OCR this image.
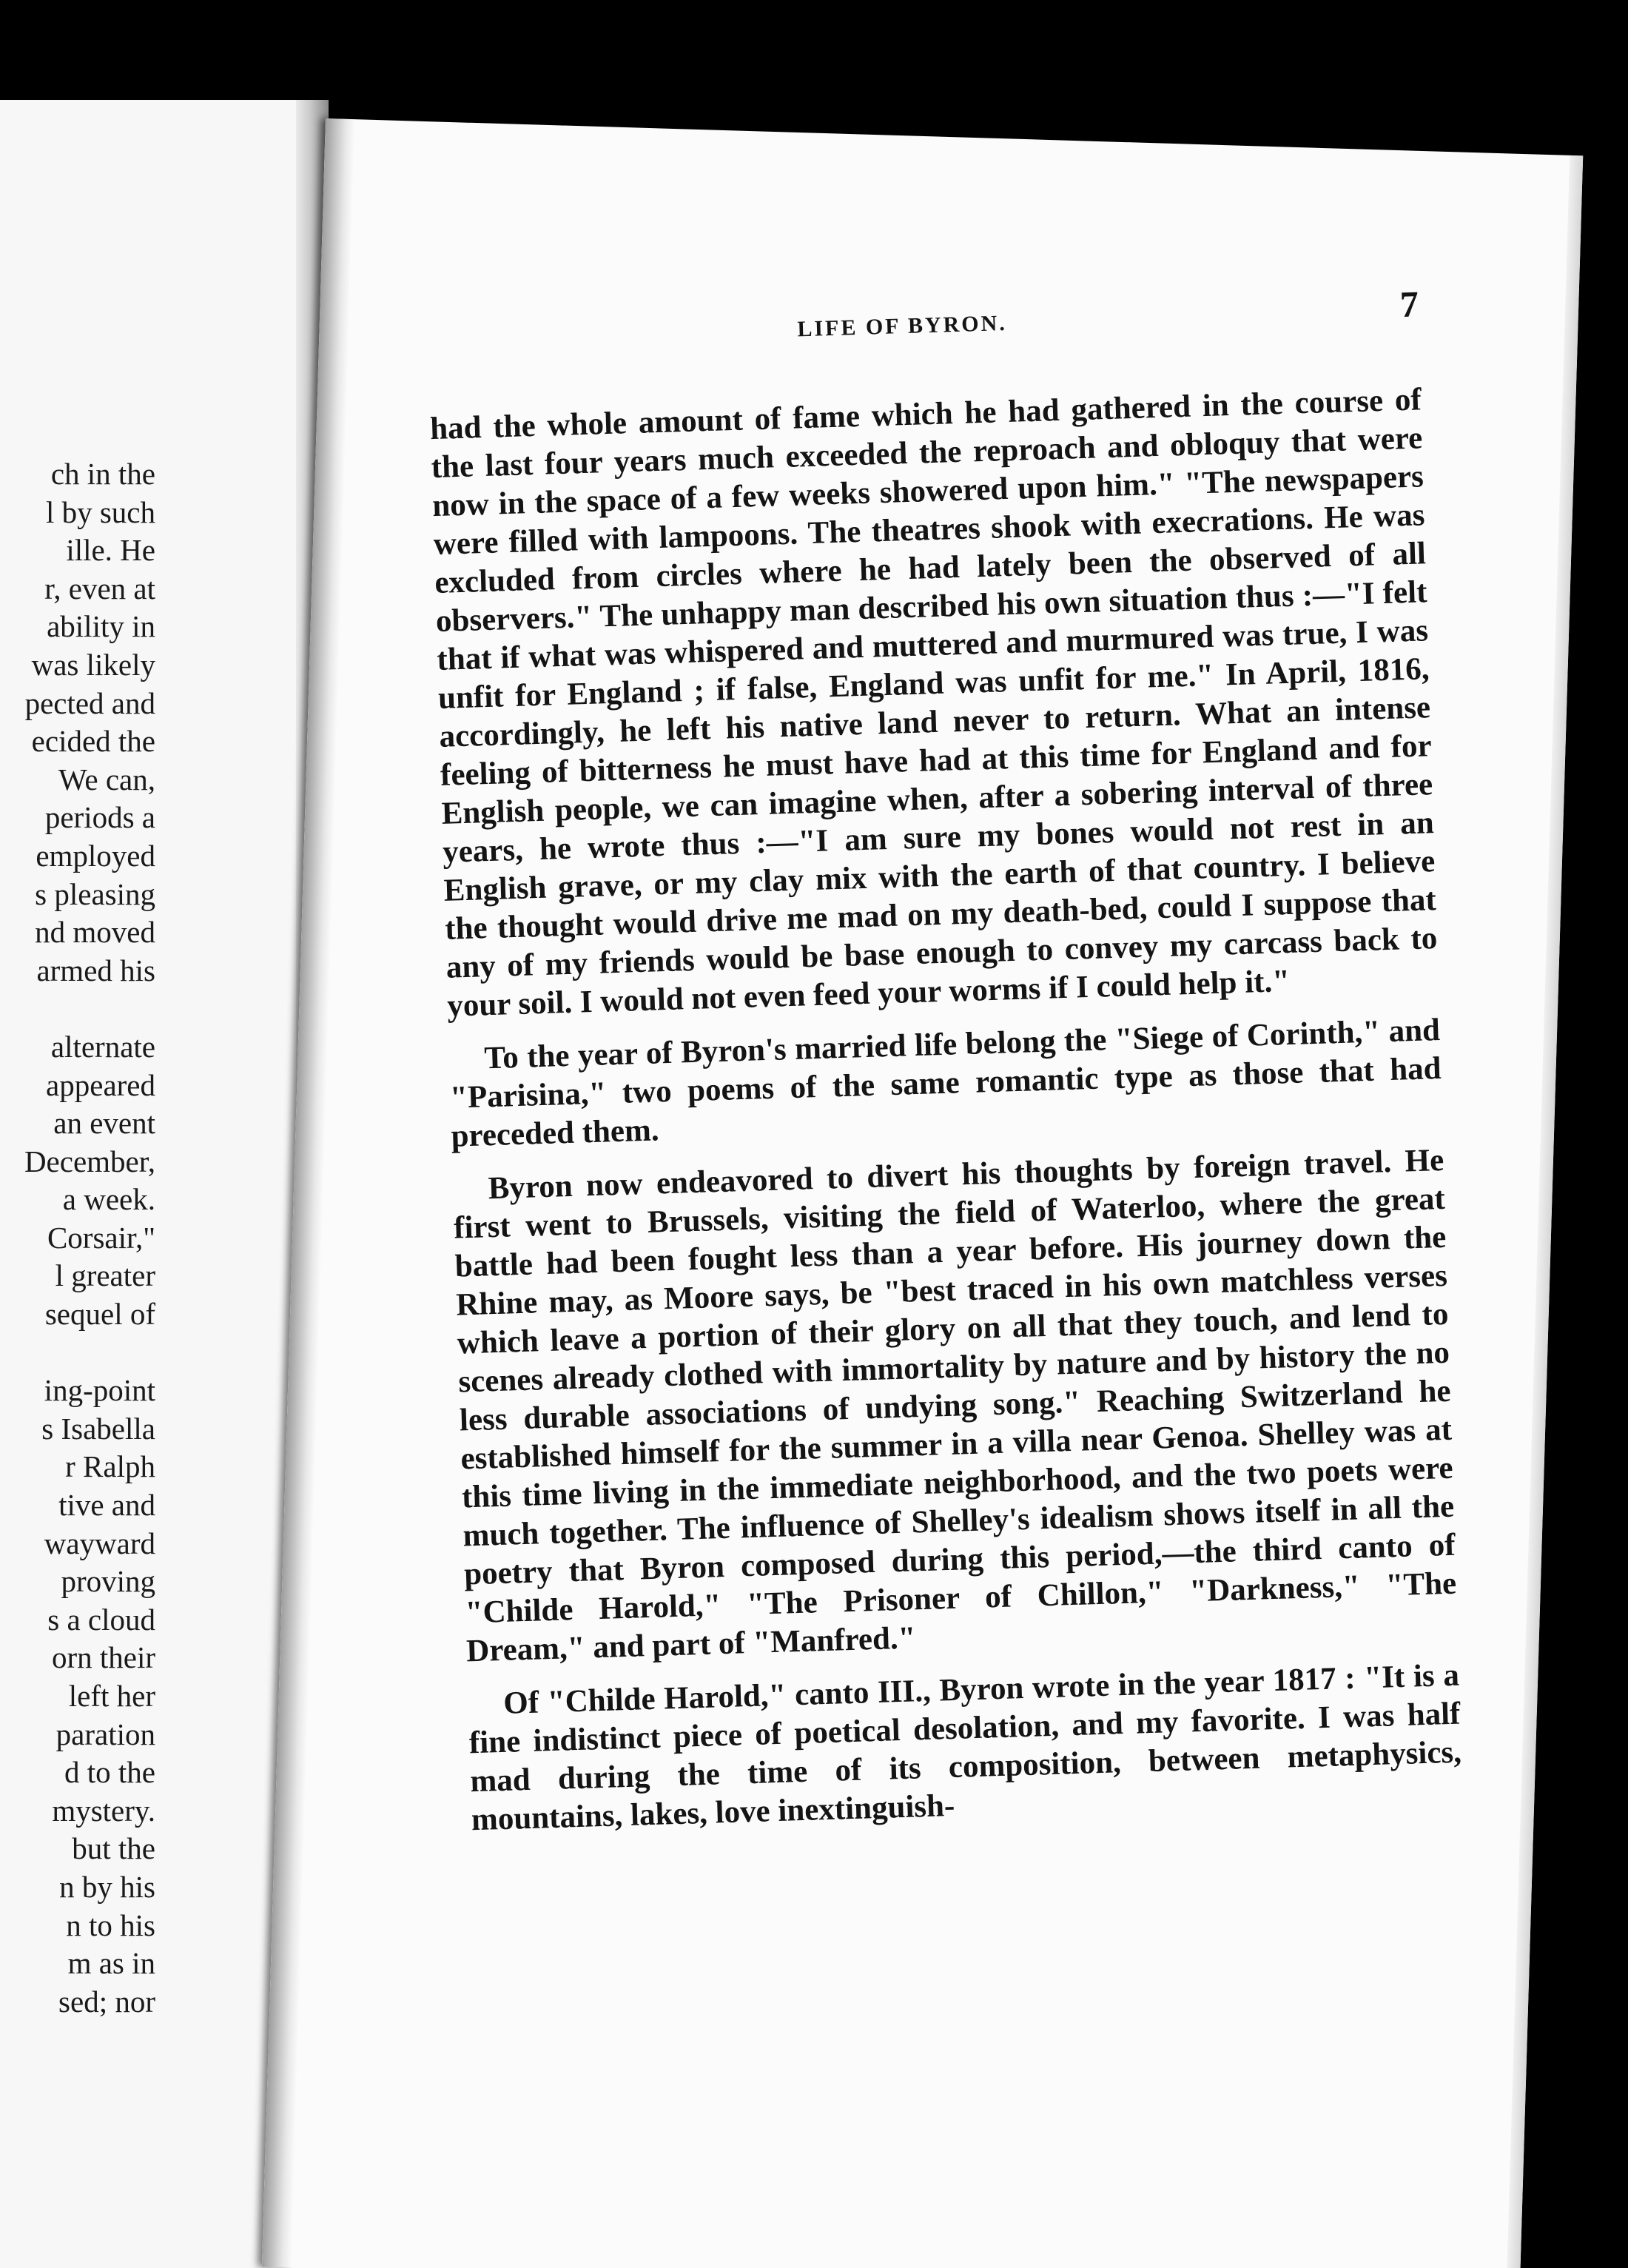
ch in the
l by such
ille. He
r, even at
ability in
was likely
pected and
ecided the
We can,
periods a
employed
s pleasing
nd moved
armed his
alternate
appeared
an event
December,
a week.
Corsair,"
l greater
sequel of
ing-point
s Isabella
r Ralph
tive and
wayward
proving
s a cloud
orn their
left her
paration
d to the
mystery.
but the
n by his
n to his
m as in
sed; nor
LIFE OF BYRON.
7

had the whole amount of fame which he had gathered in the course of the last four years much exceeded the reproach and obloquy that were now in the space of a few weeks showered upon him." "The newspapers were filled with lampoons. The theatres shook with execrations. He was excluded from circles where he had lately been the observed of all observers." The unhappy man described his own situation thus :—"I felt that if what was whispered and muttered and murmured was true, I was unfit for England ; if false, England was unfit for me." In April, 1816, accordingly, he left his native land never to return. What an intense feeling of bitterness he must have had at this time for England and for English people, we can imagine when, after a sobering interval of three years, he wrote thus :—"I am sure my bones would not rest in an English grave, or my clay mix with the earth of that country. I believe the thought would drive me mad on my death-bed, could I suppose that any of my friends would be base enough to convey my carcass back to your soil. I would not even feed your worms if I could help it."

To the year of Byron's married life belong the "Siege of Corinth," and "Parisina," two poems of the same romantic type as those that had preceded them.

Byron now endeavored to divert his thoughts by foreign travel. He first went to Brussels, visiting the field of Waterloo, where the great battle had been fought less than a year before. His journey down the Rhine may, as Moore says, be "best traced in his own matchless verses which leave a portion of their glory on all that they touch, and lend to scenes already clothed with immortality by nature and by history the no less durable associations of undying song." Reaching Switzerland he established himself for the summer in a villa near Genoa. Shelley was at this time living in the immediate neighborhood, and the two poets were much together. The influence of Shelley's idealism shows itself in all the poetry that Byron composed during this period,—the third canto of "Childe Harold," "The Prisoner of Chillon," "Darkness," "The Dream," and part of "Manfred."

Of "Childe Harold," canto III., Byron wrote in the year 1817 : "It is a fine indistinct piece of poetical desolation, and my favorite. I was half mad during the time of its composition, between metaphysics, mountains, lakes, love inextinguish-
